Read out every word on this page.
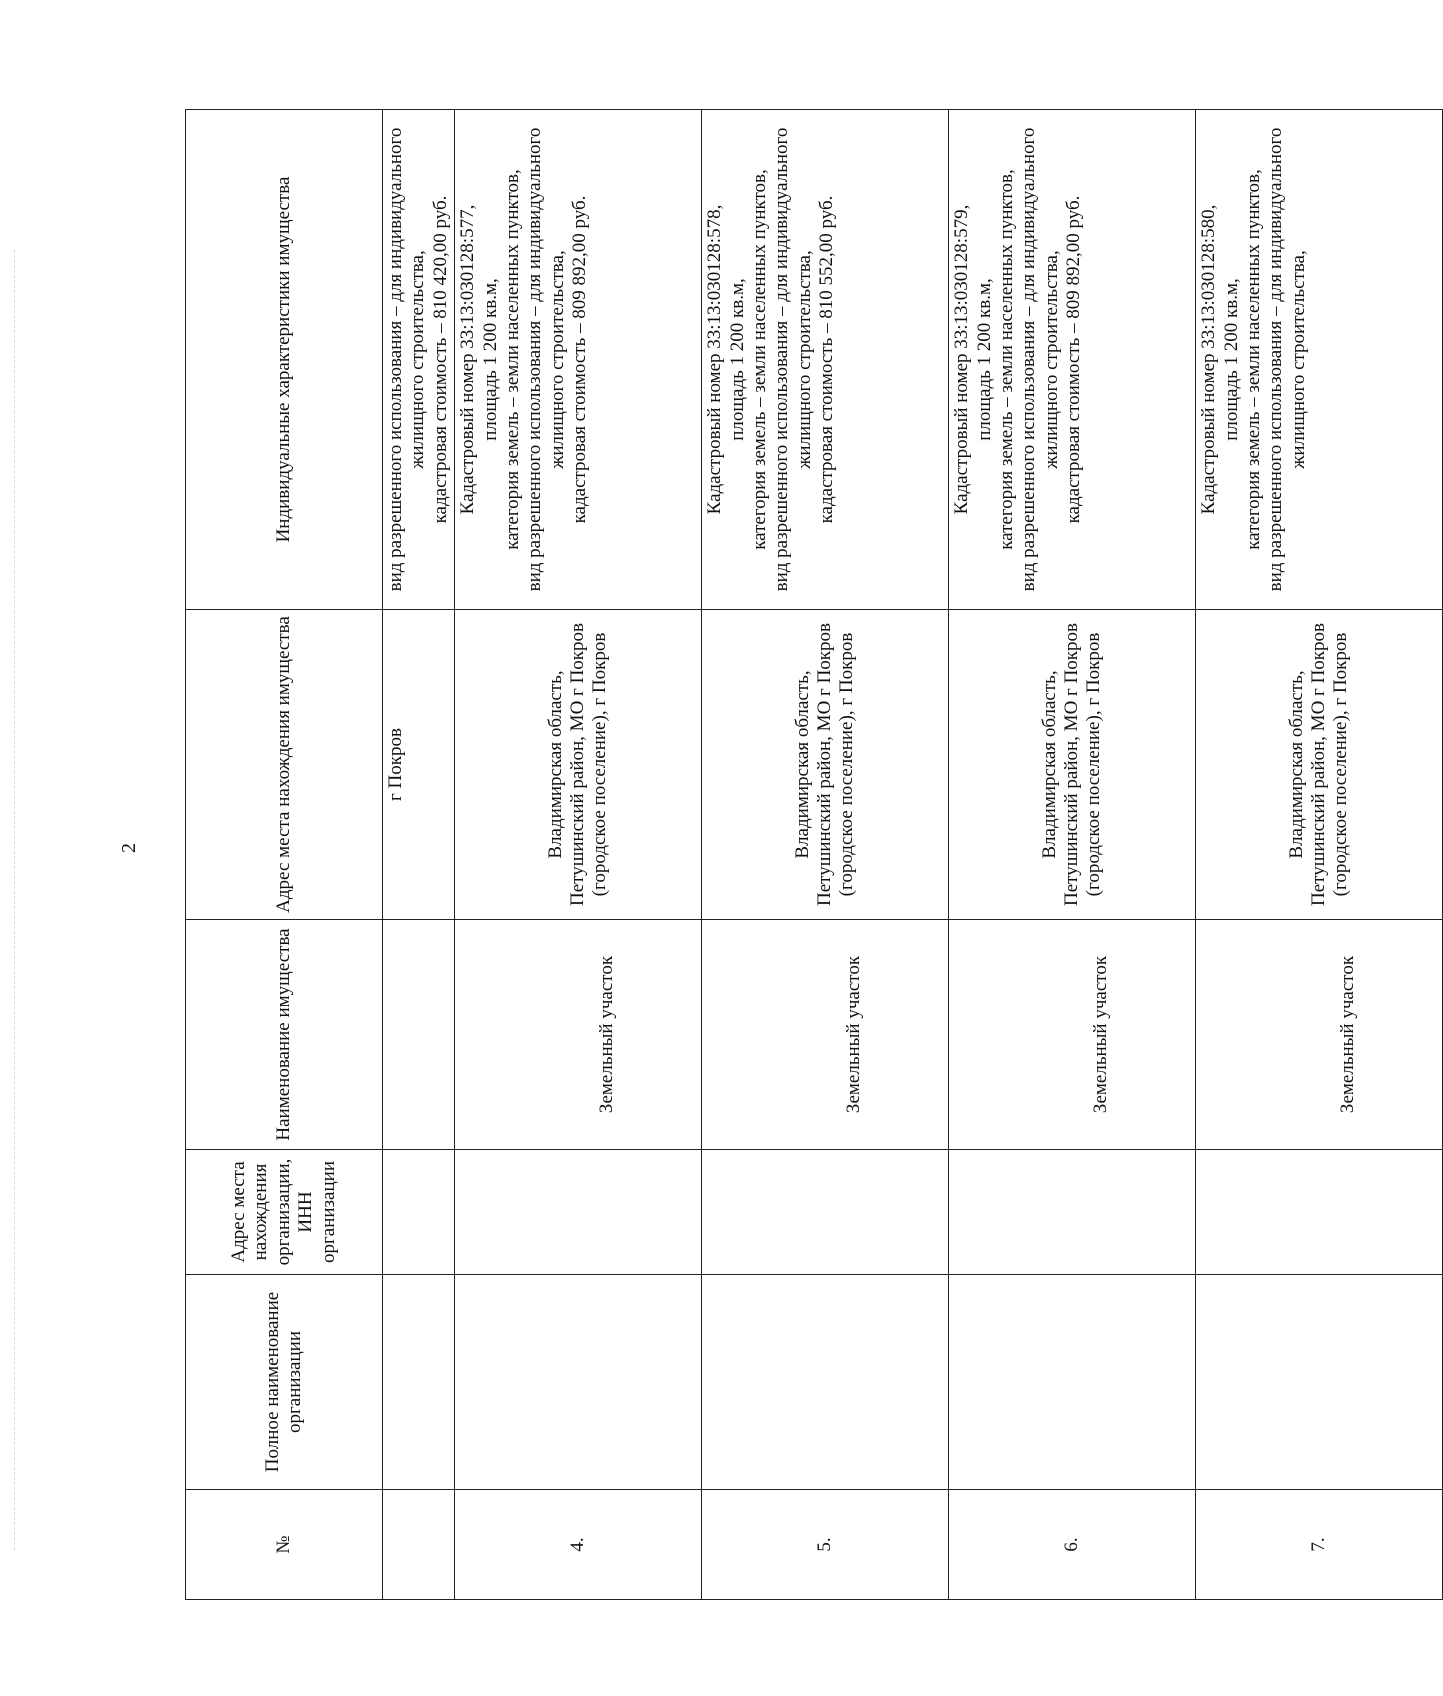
2
№	Полное наименование организации	Адрес места нахождения организации, ИНН организации	Наименование имущества	Адрес места нахождения имущества	Индивидуальные характеристики имущества
				г Покров	вид разрешенного использования – для индивидуального жилищного строительства, кадастровая стоимость – 810 420,00 руб.

4.			Земельный участок	Владимирская область, Петушинский район, МО г Покров (городское поселение), г Покров	Кадастровый номер 33:13:030128:577, площадь 1 200 кв.м, категория земель – земли населенных пунктов, вид разрешенного использования – для индивидуального жилищного строительства, кадастровая стоимость – 809 892,00 руб.

5.			Земельный участок	Владимирская область, Петушинский район, МО г Покров (городское поселение), г Покров	Кадастровый номер 33:13:030128:578, площадь 1 200 кв.м, категория земель – земли населенных пунктов, вид разрешенного использования – для индивидуального жилищного строительства, кадастровая стоимость – 810 552,00 руб.

6.			Земельный участок	Владимирская область, Петушинский район, МО г Покров (городское поселение), г Покров	Кадастровый номер 33:13:030128:579, площадь 1 200 кв.м, категория земель – земли населенных пунктов, вид разрешенного использования – для индивидуального жилищного строительства, кадастровая стоимость – 809 892,00 руб.

7.			Земельный участок	Владимирская область, Петушинский район, МО г Покров (городское поселение), г Покров	Кадастровый номер 33:13:030128:580, площадь 1 200 кв.м, категория земель – земли населенных пунктов, вид разрешенного использования – для индивидуального жилищного строительства,
